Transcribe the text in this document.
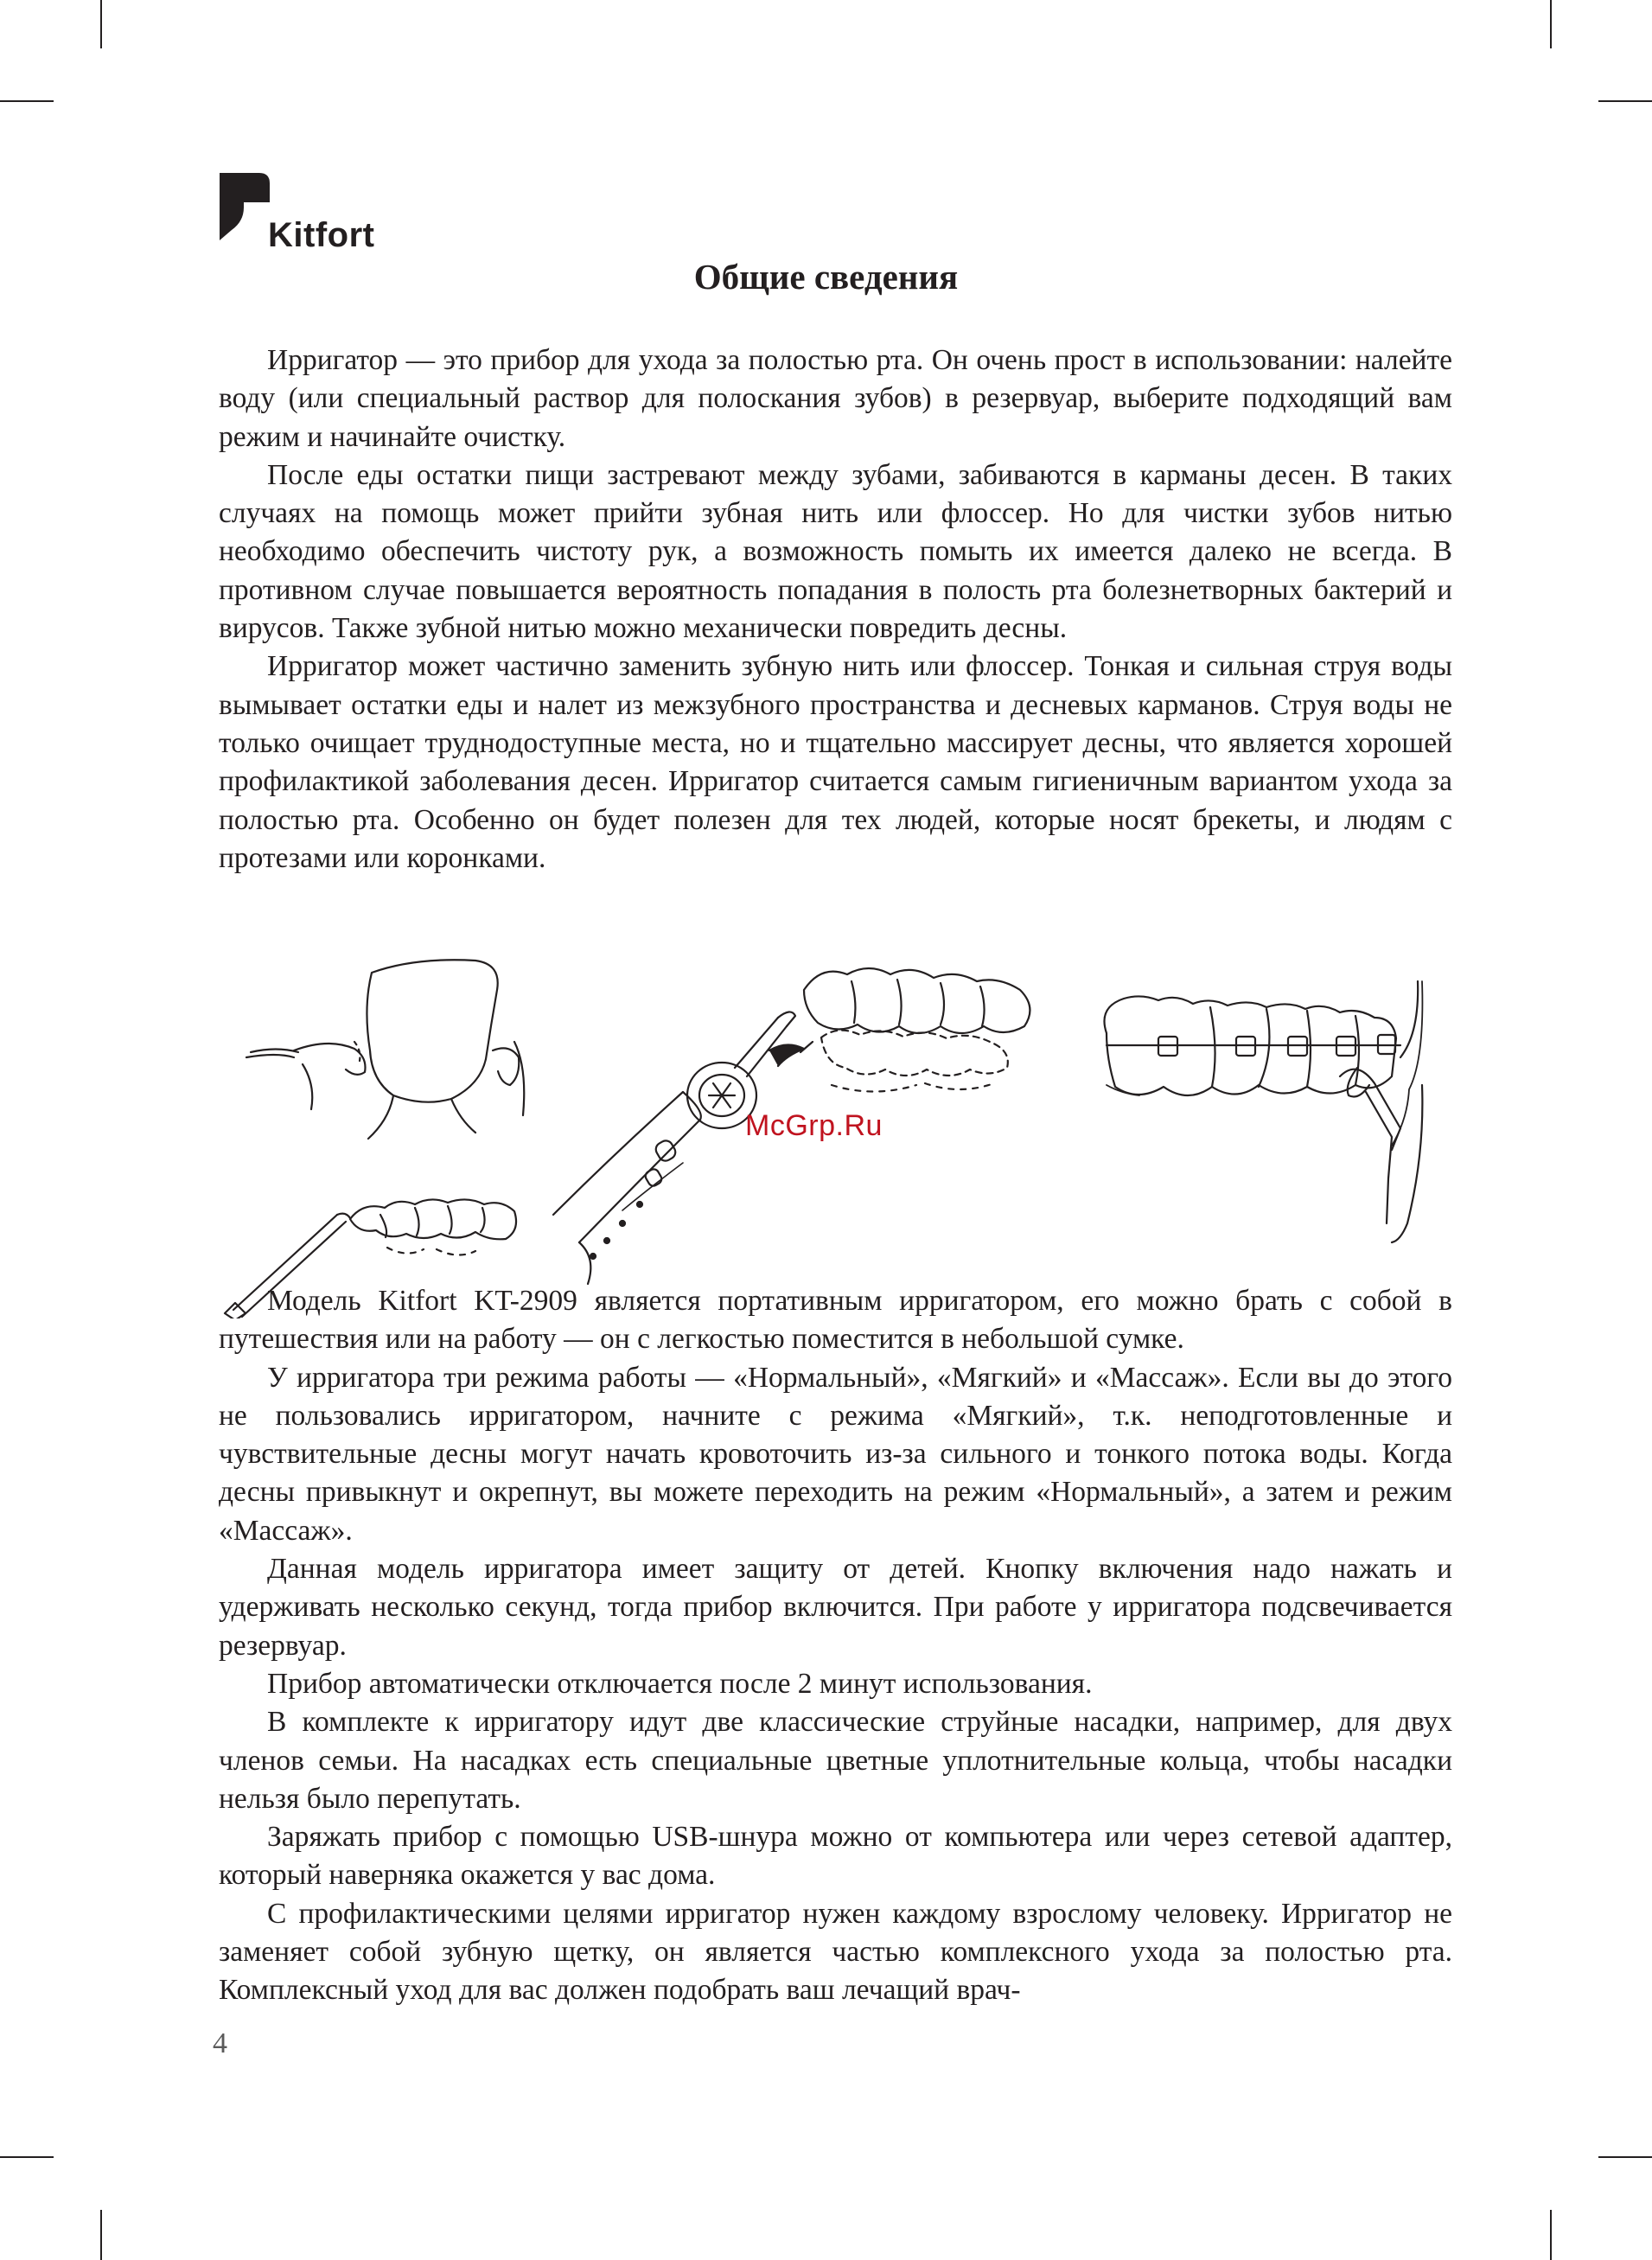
Kitfort
Общие сведения

Ирригатор — это прибор для ухода за полостью рта. Он очень прост в использовании: налейте воду (или специальный раствор для полоскания зубов) в резервуар, выберите подходящий вам режим и начинайте очистку.

После еды остатки пищи застревают между зубами, забиваются в карманы десен. В таких случаях на помощь может прийти зубная нить или флоссер. Но для чистки зубов нитью необходимо обеспечить чистоту рук, а возможность помыть их имеется далеко не всегда. В противном случае повышается вероятность попадания в полость рта болезнетворных бактерий и вирусов. Также зубной нитью можно механически повредить десны.

Ирригатор может частично заменить зубную нить или флоссер. Тонкая и сильная струя воды вымывает остатки еды и налет из межзубного пространства и десневых карманов. Струя воды не только очищает труднодоступные места, но и тщательно массирует десны, что является хорошей профилактикой заболевания десен. Ирригатор считается самым гигиеничным вариантом ухода за полостью рта. Особенно он будет полезен для тех людей, которые носят брекеты, и людям с протезами или коронками.

McGrp.Ru

Модель Kitfort KT-2909 является портативным ирригатором, его можно брать с собой в путешествия или на работу — он с легкостью поместится в небольшой сумке.

У ирригатора три режима работы — «Нормальный», «Мягкий» и «Массаж». Если вы до этого не пользовались ирригатором, начните с режима «Мягкий», т.к. неподготовленные и чувствительные десны могут начать кровоточить из-за сильного и тонкого потока воды. Когда десны привыкнут и окрепнут, вы можете переходить на режим «Нормальный», а затем и режим «Массаж».

Данная модель ирригатора имеет защиту от детей. Кнопку включения надо нажать и удерживать несколько секунд, тогда прибор включится. При работе у ирригатора подсвечивается резервуар.

Прибор автоматически отключается после 2 минут использования.

В комплекте к ирригатору идут две классические струйные насадки, например, для двух членов семьи. На насадках есть специальные цветные уплотнительные кольца, чтобы насадки нельзя было перепутать.

Заряжать прибор с помощью USB-шнура можно от компьютера или через сетевой адаптер, который наверняка окажется у вас дома.

С профилактическими целями ирригатор нужен каждому взрослому человеку. Ирригатор не заменяет собой зубную щетку, он является частью комплексного ухода за полостью рта. Комплексный уход для вас должен подобрать ваш лечащий врач-

4
